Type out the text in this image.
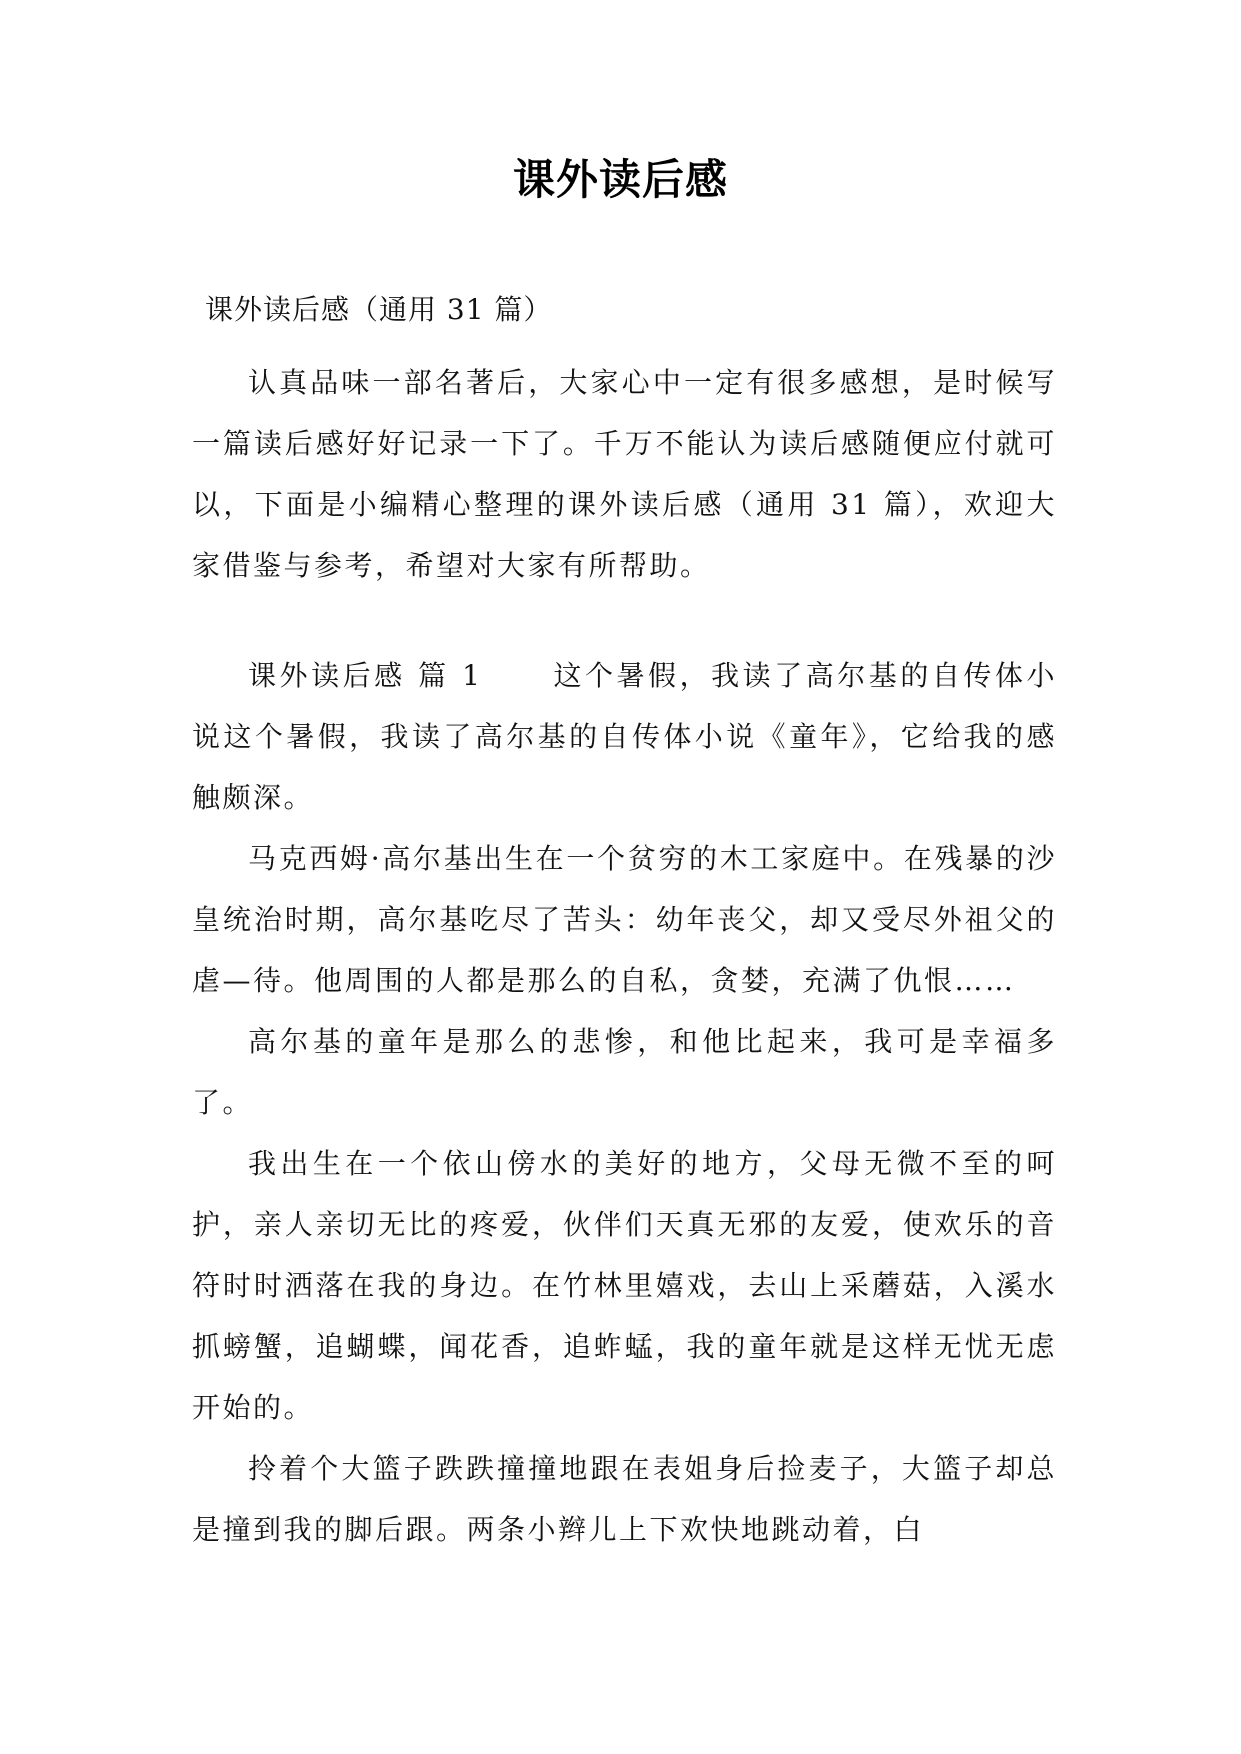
课外读后感
课外读后感（通用 31 篇）

认真品味一部名著后，大家心中一定有很多感想，是时候写一篇读后感好好记录一下了。千万不能认为读后感随便应付就可以，下面是小编精心整理的课外读后感（通用 31 篇），欢迎大家借鉴与参考，希望对大家有所帮助。

课外读后感 篇 1	这个暑假，我读了高尔基的自传体小说这个暑假，我读了高尔基的自传体小说《童年》，它给我的感触颇深。

马克西姆·高尔基出生在一个贫穷的木工家庭中。在残暴的沙皇统治时期，高尔基吃尽了苦头：幼年丧父，却又受尽外祖父的虐—待。他周围的人都是那么的自私，贪婪，充满了仇恨……

高尔基的童年是那么的悲惨，和他比起来，我可是幸福多了。

我出生在一个依山傍水的美好的地方，父母无微不至的呵护，亲人亲切无比的疼爱，伙伴们天真无邪的友爱，使欢乐的音符时时洒落在我的身边。在竹林里嬉戏，去山上采蘑菇，入溪水抓螃蟹，追蝴蝶，闻花香，追蚱蜢，我的童年就是这样无忧无虑开始的。

拎着个大篮子跌跌撞撞地跟在表姐身后捡麦子，大篮子却总是撞到我的脚后跟。两条小辫儿上下欢快地跳动着，白
